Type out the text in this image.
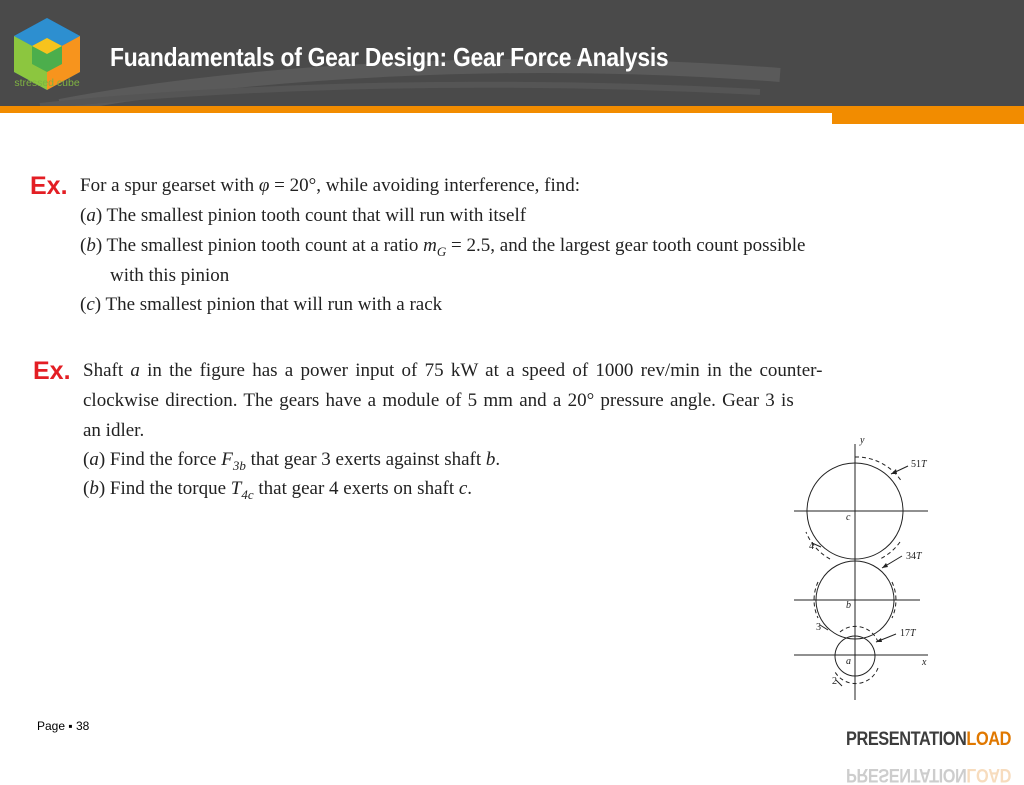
Fuandamentals of Gear Design: Gear Force Analysis
stressed cube
Ex. For a spur gearset with φ = 20°, while avoiding interference, find:
(a) The smallest pinion tooth count that will run with itself
(b) The smallest pinion tooth count at a ratio $m_G = 2.5$, and the largest gear tooth count possible
with this pinion
(c) The smallest pinion that will run with a rack
Ex. Shaft a in the figure has a power input of 75 kW at a speed of 1000 rev/min in the counter-
clockwise direction. The gears have a module of 5 mm and a 20° pressure angle. Gear 3 is
an idler.
(a) Find the force $F_{3b}$ that gear 3 exerts against shaft b.
(b) Find the torque $T_{4c}$ that gear 4 exerts on shaft c.
y
x
51T
34T
17T
c
b
a
4
3
2
Page ▪ 38
PRESENTATIONLOAD
PRESENTATIONLOAD
